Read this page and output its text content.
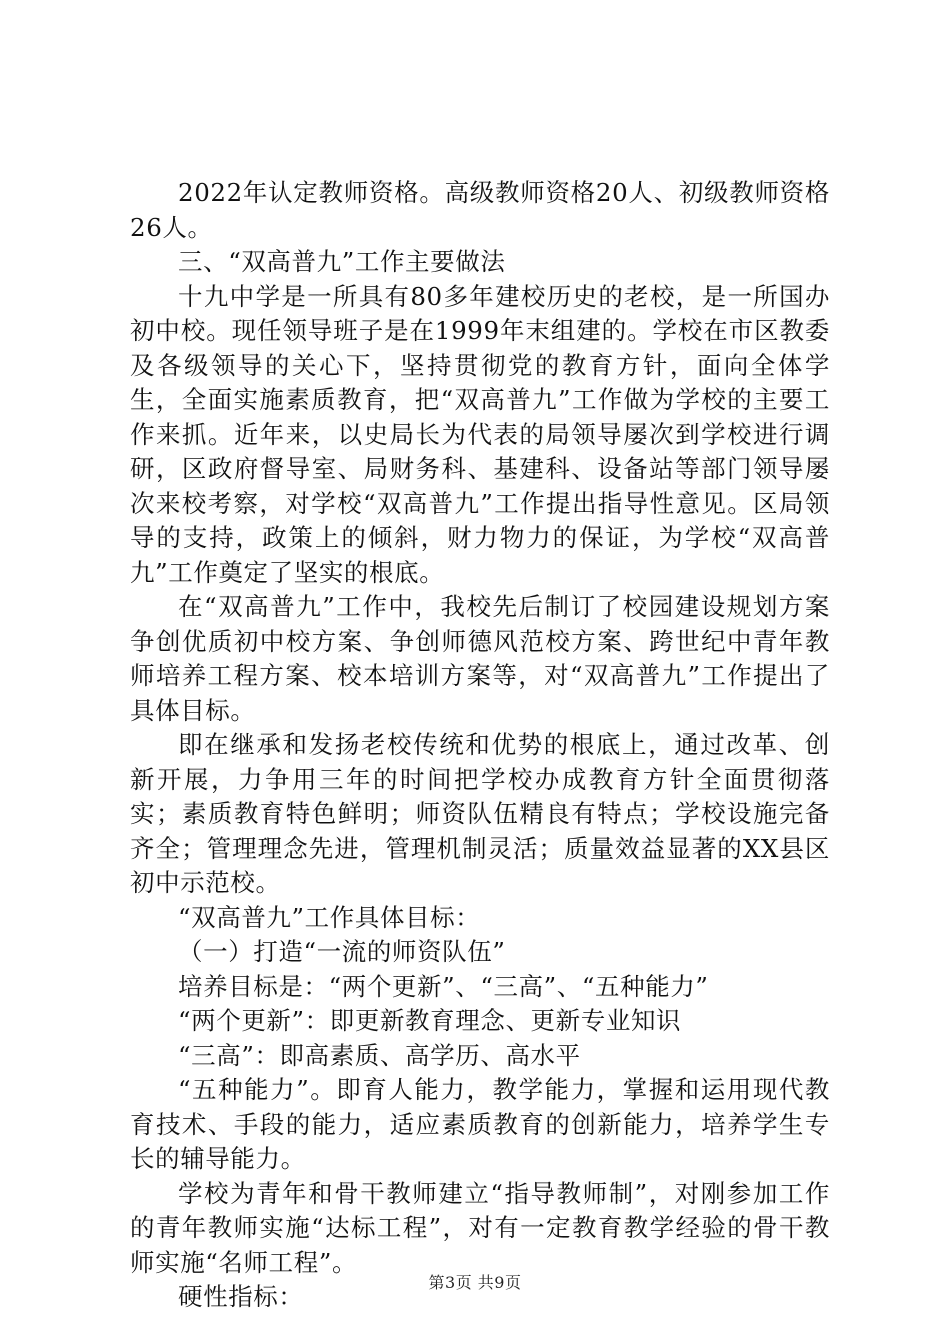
2022年认定教师资格。高级教师资格20人、初级教师资格26人。

三、“双高普九”工作主要做法

十九中学是一所具有80多年建校历史的老校，是一所国办初中校。现任领导班子是在1999年末组建的。学校在市区教委及各级领导的关心下，坚持贯彻党的教育方针，面向全体学生，全面实施素质教育，把“双高普九”工作做为学校的主要工作来抓。近年来，以史局长为代表的局领导屡次到学校进行调研，区政府督导室、局财务科、基建科、设备站等部门领导屡次来校考察，对学校“双高普九”工作提出指导性意见。区局领导的支持，政策上的倾斜，财力物力的保证，为学校“双高普九”工作奠定了坚实的根底。

在“双高普九”工作中，我校先后制订了校园建设规划方案争创优质初中校方案、争创师德风范校方案、跨世纪中青年教师培养工程方案、校本培训方案等，对“双高普九”工作提出了具体目标。

即在继承和发扬老校传统和优势的根底上，通过改革、创新开展，力争用三年的时间把学校办成教育方针全面贯彻落实；素质教育特色鲜明；师资队伍精良有特点；学校设施完备齐全；管理理念先进，管理机制灵活；质量效益显著的XX县区初中示范校。

“双高普九”工作具体目标：

（一）打造“一流的师资队伍”

培养目标是：“两个更新”、“三高”、“五种能力”

“两个更新”：即更新教育理念、更新专业知识

“三高”：即高素质、高学历、高水平

“五种能力”。即育人能力，教学能力，掌握和运用现代教育技术、手段的能力，适应素质教育的创新能力，培养学生专长的辅导能力。

学校为青年和骨干教师建立“指导教师制”，对刚参加工作的青年教师实施“达标工程”，对有一定教育教学经验的骨干教师实施“名师工程”。

硬性指标：	第3页 共9页
